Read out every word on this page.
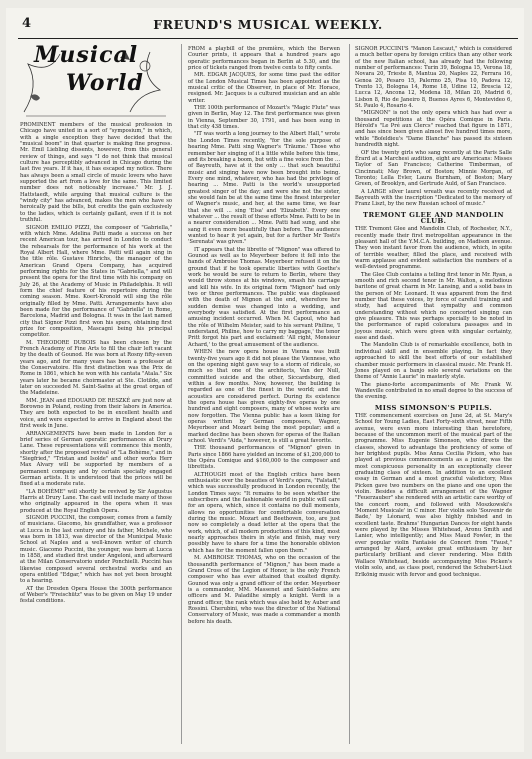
4	FREUND'S MUSICAL WEEKLY.
Musical
World

PROMINENT members of the musical profession in Chicago have united in a sort of "symposium," in which, with a single exception they have decided that the "musical boom" in that quarter is making fine progress. Mr. Emil Liebling dissents, however, from this general review of things, and says "I do not think that musical culture has perceptibly advanced in Chicago during the last five years. If it has, it has escaped my notice. There has always been a small circle of music lovers who have supported the art from a love for the same. This limited number does not noticeably increase." Mr. J. J. Hattstaedt, while arguing that musical culture is the "windy city" has advanced, makes the men who have so heroically paid the bills, but credits the gain exclusively to the ladies, which is certainly gallant, even if it is not truthful.

SIGNOR EMILIO PIZZI, the composer of "Gabriella," with which Mme. Adelina Patti made a success on her recent American tour, has arrived in London to conduct the rehearsals for the performance of his work at the Royal Albert Hall, where Mme. Patti will again sing in the title rôle. Gustave Hinrichs, the manager of the American Grand Opera Company, has acquired performing rights for the States in "Gabriella," and will present the opera for the first time with his company on July 26, at the Academy of Music in Philadelphia. It will form the chief feature of his repertoire during the coming season. Mme. Koert-Kronold will sing the rôle originally filled by Mme. Patti. Arrangements have also been made for the performance of "Gabriella" in Rome, Barcelona, Madrid and Bologna. It was in the last named city that Signor Pizzi first won his spurs, obtaining first prize for composition, Mascagni being his principal competitor.

M. THEODORE DUBOIS has been chosen by the French Academy of Fine Arts to fill the chair left vacant by the death of Gounod. He was born at Rosny fifty-seven years ago, and for many years has been a professor at the Conservatoire. His first distinction was the Prix de Rome in 1861, which he won with his cantata "Atala." Six years later he became choirmaster at Ste. Clotilde, and later on succeeded M. Saint-Saëns at the great organ of the Madeleine.

MM. JEAN and EDOUARD DE RESZKÉ are just now at Borowno in Poland, resting from their labors in America. They are both expected to be in excellent health and voice, and were expected to arrive in England about the first week in June.

ARRANGEMENTS have been made in London for a brief series of German operatic performances at Drury Lane. These representations will commence this month, shortly after the proposed revival of "La Bohème," and in "Siegfried," "Tristan and Isolde" and other works Herr Max Alvary will be supported by members of a permanent company and by certain specially engaged German artists. It is understood that the prices will be fixed at a moderate rate.

"LA BOHÈME" will shortly be revived by Sir Augustus Harris at Drury Lane. The cast will include many of those who originally appeared in the opera when it was produced at the Royal English Opera.

SIGNOR PUCCINI, the composer, comes from a family of musicians. Giacomo, his grandfather, was a professor at Lucca in the last century and his father, Michele, who was born in 1813, was director of the Municipal Music School at Naples and a well-known writer of church music. Giacomo Puccini, the younger, was born at Lucca in 1858, and studied first under Angeloni, and afterward at the Milan Conservatorio under Ponchielli. Puccini has likewise composed several orchestral works and an opera entitled "Edgar," which has not yet been brought to a hearing.

AT the Dresden Opera House the 300th performance of Weber's "Freischütz" was to be given on May 19 under festal conditions.

FROM a playbill of the première, which the Berwen Courier prints, it appears that a hundred years ago operatic performances began in Berlin at 5.30, and the price of tickets ranged from twelve cents to fifty cents.

MR. EDGAR JACQUES, for some time past the editor of the London Musical Times has been appointed as the musical critic of the Observer, in place of Mr. Horace, resigned. Mr. Jacques is a cultured musician and an able writer.

THE 100th performance of Mozart's "Magic Flute" was given in Berlin, May 12. The first performance was given in Vienna, September 30, 1791, and has been sung in that city 438 times.

"IT was worth a long journey to the Albert Hall," wrote the London Times recently, "for the sole purpose of hearing Mme. Patti sing Wagner's 'Träume.' Those who remember her singing of it a little while before this time, and its breaking a boom, but with a fine voice from the ... of Bayreuth, have at it the only ... that such beautiful music and singing have now been brought into being. Every one mind, whatever, who has had the privilege of hearing ... Mme. Patti is the world's unsupported greatest singer of the day; and were she not the sister, she would fain be at the same time the finest interpreter of Wagner's music, and her, at the same time, we fear that she will ... sing 'Elsa' and 'Elizabeth'. Every one whatever ... the result of these efforts Mme. Patti to be in a nearer consideration ... Mme. Patti had sung, and she sang it even more beautifully than before. The audience wanted to hear it yet again, but for a further Mr Tosti's 'Serenata' was given."

IT appears that the libretto of "Mignon" was offered to Gounod as well as to Meyerbeer before it fell into the hands of Ambroise Thomas. Meyerbeer refused it on the ground that if he took operatic liberties with Goethe's work he would be sure to return to Berlin, where they would throw stones at his windows, smash his carriage and kill his wife. In its original form "Mignon" had only two or three performances. The public was displeased with the death of Mignon at the end, wherefore her sudden demise was changed into a wedding, and everybody was satisfied. At the first performance an amusing incident occurred. When M. Capoul, who had the rôle of Wilhelm Meister, said to his servant Philine, 'I understand, Philine, how to carry my baggage,' the tenor Pritt forgot his part and exclaimed: 'All right, Monsieur Achard,' to the great amusement of the audience.

WHEN the new opera house in Vienna was built twenty-five years ago it did not please the Viennese, who on the opening night gave way to a storm of ridicule, so much so that one of the architects, Van der Null, committed suicide and the other, Siccardsburg, died within a few months. Now, however, the building is regarded as one of the finest in the world; and the acoustics are considered perfect. During its existence the opera house has given eighty-five operas by one hundred and eight composers, many of whose works are now forgotten. The Vienna public has a keen liking for operas written by German composers, Wagner, Meyerbeer and Mozart being the most popular; and a marked decline has been shown for operas of the Italian school. Verdi's "Aida," however, is still a great favorite.

THE thousand performances of "Mignon" given in Paris since 1866 have yielded an income of $1,200,000 to the Opéra Comique and $160,000 to the composer and librettists.

ALTHOUGH most of the English critics have been enthusiastic over the beauties of Verdi's opera, "Falstaff," which was successfully produced in London recently, the London Times says: "It remains to be seen whether the subscribers and the fashionable world in public will care for an opera, which, since it contains no dull moments, allows no opportunities for comfortable conversation during the music. Mozart and Beethoven, too, are just now so completely a dead letter at the opera that the work, which, of all modern productions of this kind, most nearly approaches theirs in style and finish, may very possibly have to share for a time the honorable oblivion which has for the moment fallen upon them."

M. AMBROISE THOMAS, who on the occasion of the thousandth performance of "Mignon," has been made a Grand Cross of the Legion of Honor, is the only French composer who has ever attained that exalted dignity. Gounod was only a grand officer of the order. Meyerbeer is a commander, MM. Massenet and Saint-Saëns are officers and M. Paladilhe simply a knight. Verdi is a grand officer, the rank which was also held by Auber and Rossini. Cherubini, who was the director of the National Conservatory of Music, was made a commander a month before his death.

SIGNOR PUCCINI'S "Manon Lescaut," which is considered a much better opera by foreign critics than any other work of the new Italian school, has already had the following number of performances: Turin 39, Bologna 15, Verona 18, Novara 20, Trieste 8, Mantua 20, Naples 22, Ferrara 16, Genoa 20, Pesaro 15, Palermo 25, Pisa 10, Padova 12, Trento 13, Bologna 14, Rome 18, Udine 12, Brescia 12, Lucca 12, Ancona 12, Modena 18, Milan 20, Madrid 6, Lisbon 8, Rio de Janeiro 8, Buenos Ayres 6, Montevideo 6, St. Paulo 4, Rosario 4.

"MIGNON" is not the only opera which has had over a thousand repetitions at the Opéra Comique in Paris. Hérold's "Le Pré aux Clercs" reached that figure in 1871, and has since been given almost five hundred times more, while "Boïeldieu's "Dame Blanche" has passed its sixteen hundredth night.

OF the twenty girls who sang recently at the Paris Salle Érard at a Marchesi audition, eight are Americans: Misses Taylor of San Francisco; Catherine Timberman, of Cincinnati; May Brown, of Boston; Minnie Morgan, of Toronto; Lella Evler, Laura Burnham, of Boston; Mary Green, of Brooklyn, and Gertrude Auld, of San Francisco.

A LARGE silver laurel wreath was recently received at Bayreuth with the inscription "Dedicated to the memory of Franz Liszt, by the new Russian school of music."

TREMONT GLEE AND MANDOLIN CLUB.

THE Tremont Glee and Mandolin Club, of Rochester, N.Y., recently made their first metropolitan appearance in the pleasant hall of the Y.M.C.A. building, on Madison avenue. They won instant favor from the audience, which, in spite of terrible weather, filled the place, and received with warm applause and evident satisfaction the numbers of a well-devised programme.

The Glee Club contains a telling first tenor in Mr. Ryan, a smooth and rich second tenor in Mr. Walton, a melodious baritone of great charm in Mr. Lansing, and a solid bass in the person of Mr. Leonard. It was apparent from the first number that these voices, by force of careful training and study, had acquired that sympathy and common understanding without which no concerted singing can give pleasure. This was perhaps specially to be noted in the performance of rapid coloratura passages and in joyous music, which were given with singular certainty, ease and dash.

The Mandolin Club is of remarkable excellence, both in individual skill and in ensemble playing. In fact they approached to skill the best efforts of our established chamber music performers in classical music. Mr. Frank H. Jones played on a banjo solo several variations on the theme of "Annie Laurie" in masterly style.

The piano-forte accompaniments of Mr. Frank W. Wandeville contributed in no small degree to the success of the evening.

MISS SIMONSON'S PUPILS.

THE commencement exercises on June 2d, at St. Mary's School for Young Ladies, East Forty-sixth street, near Fifth avenue, were even more interesting than heretofore, because of the uncommon merit of the musical part of the programme. Miss Eugenie Simonson, who directs the classes, showed to advantage the proficiency of some of her brightest pupils. Miss Anna Cecilia Picken, who has played at previous commencements as a junior, was the most conspicuous personality in an exceptionally clever graduating class of sixteen. In addition to an excellent essay in German and a most graceful valedictory, Miss Picken gave two numbers on the piano and one upon the violin. Besides a difficult arrangement of the Wagner "Feuerzauber" she rendered with an artistic care worthy of the concert room, and followed with Moszkowski's 'Moment Musicale' in C minor. Her violin solo 'Souvenir de Bade,' by Léonard, was also highly finished and in excellent taste. Brahms' Hungarian Dances for eight hands were played by the Misses Whitehead, Aronu Smith and Lanier, who intelligently; and Miss Maud Fowler, in the ever popular violin Fantaisie de Concert from "Faust," arranged by Alard, awoke great enthusiasm by her particularly brilliant and clever rendering. Miss Edith Wallace Whitehead, beside accompanying Miss Picken's violin solo, and, as class poet, rendered the Schubert-Liszt Erlkönig music with fervor and good technique.
